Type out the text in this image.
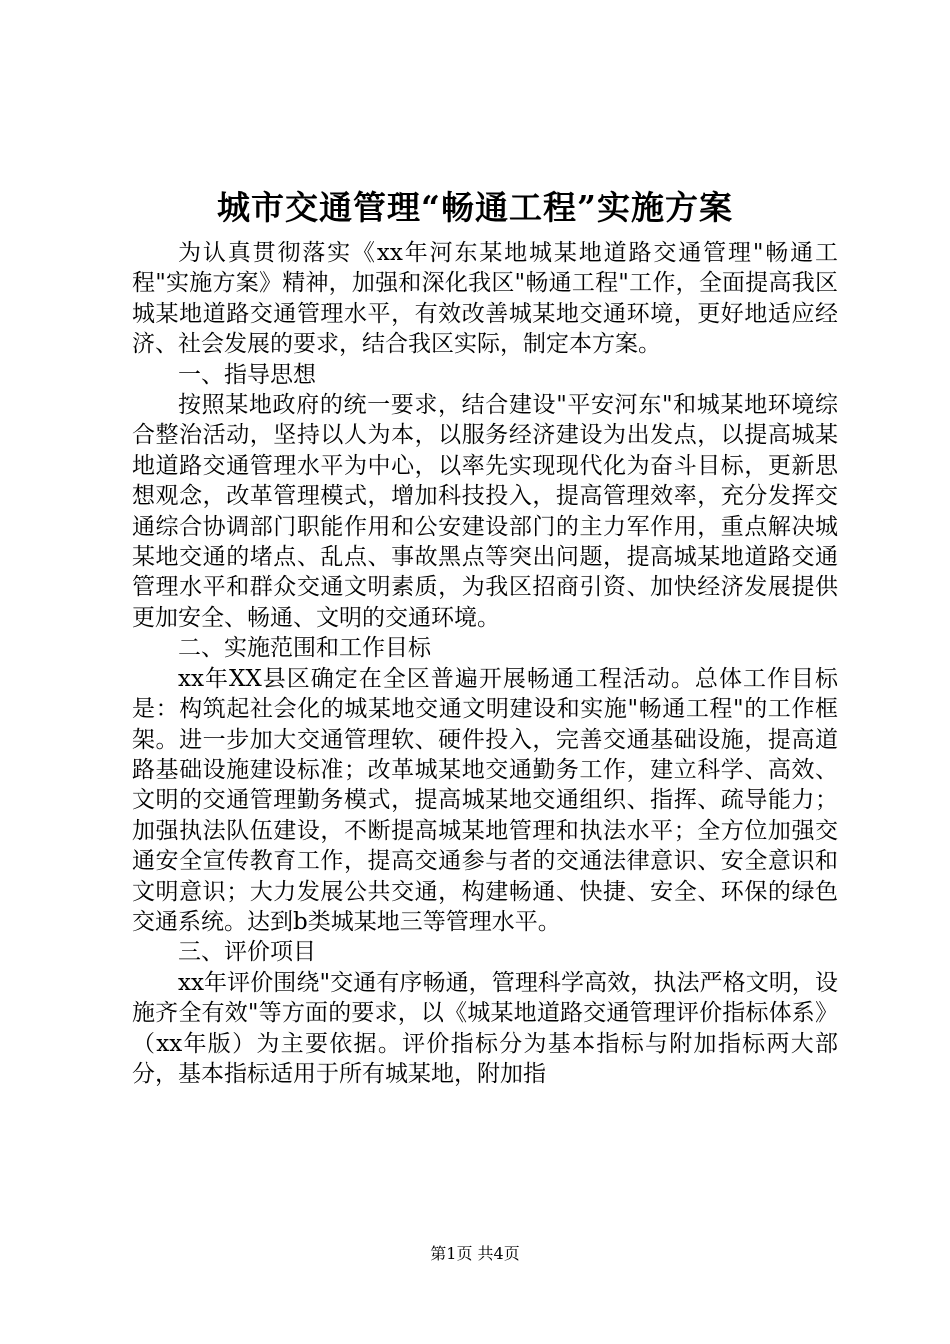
城市交通管理“畅通工程”实施方案

为认真贯彻落实《xx年河东某地城某地道路交通管理"畅通工程"实施方案》精神，加强和深化我区"畅通工程"工作，全面提高我区城某地道路交通管理水平，有效改善城某地交通环境，更好地适应经济、社会发展的要求，结合我区实际，制定本方案。

一、指导思想

按照某地政府的统一要求，结合建设"平安河东"和城某地环境综合整治活动，坚持以人为本，以服务经济建设为出发点，以提高城某地道路交通管理水平为中心，以率先实现现代化为奋斗目标，更新思想观念，改革管理模式，增加科技投入，提高管理效率，充分发挥交通综合协调部门职能作用和公安建设部门的主力军作用，重点解决城某地交通的堵点、乱点、事故黑点等突出问题，提高城某地道路交通管理水平和群众交通文明素质，为我区招商引资、加快经济发展提供更加安全、畅通、文明的交通环境。

二、实施范围和工作目标

xx年XX县区确定在全区普遍开展畅通工程活动。总体工作目标是：构筑起社会化的城某地交通文明建设和实施"畅通工程"的工作框架。进一步加大交通管理软、硬件投入，完善交通基础设施，提高道路基础设施建设标准；改革城某地交通勤务工作，建立科学、高效、文明的交通管理勤务模式，提高城某地交通组织、指挥、疏导能力；加强执法队伍建设，不断提高城某地管理和执法水平；全方位加强交通安全宣传教育工作，提高交通参与者的交通法律意识、安全意识和文明意识；大力发展公共交通，构建畅通、快捷、安全、环保的绿色交通系统。达到b类城某地三等管理水平。

三、评价项目

xx年评价围绕"交通有序畅通，管理科学高效，执法严格文明，设施齐全有效"等方面的要求，以《城某地道路交通管理评价指标体系》（xx年版）为主要依据。评价指标分为基本指标与附加指标两大部分，基本指标适用于所有城某地，附加指

第1页 共4页
